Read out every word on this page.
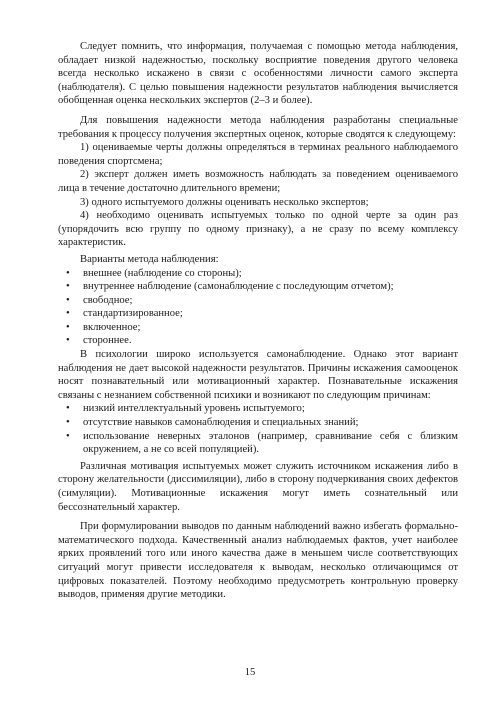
Следует помнить, что информация, получаемая с помощью метода наблюдения, обладает низкой надежностью, поскольку восприятие поведения другого человека всегда несколько искажено в связи с особенностями личности самого эксперта (наблюдателя). С целью повышения надежности результатов наблюдения вычисляется обобщенная оценка нескольких экспертов (2–3 и более).

Для повышения надежности метода наблюдения разработаны специальные требования к процессу получения экспертных оценок, которые сводятся к следующему:

1) оцениваемые черты должны определяться в терминах реального наблюдаемого поведения спортсмена;

2) эксперт должен иметь возможность наблюдать за поведением оцениваемого лица в течение достаточно длительного времени;

3) одного испытуемого должны оценивать несколько экспертов;

4) необходимо оценивать испытуемых только по одной черте за один раз (упорядочить всю группу по одному признаку), а не сразу по всему комплексу характеристик.

Варианты метода наблюдения:

• внешнее (наблюдение со стороны);
• внутреннее наблюдение (самонаблюдение с последующим отчетом);
• свободное;
• стандартизированное;
• включенное;
• стороннее.

В психологии широко используется самонаблюдение. Однако этот вариант наблюдения не дает высокой надежности результатов. Причины искажения самооценок носят познавательный или мотивационный характер. Познавательные искажения связаны с незнанием собственной психики и возникают по следующим причинам:

• низкий интеллектуальный уровень испытуемого;
• отсутствие навыков самонаблюдения и специальных знаний;
• использование неверных эталонов (например, сравнивание себя с близким окружением, а не со всей популяцией).

Различная мотивация испытуемых может служить источником искажения либо в сторону желательности (диссимиляции), либо в сторону подчеркивания своих дефектов (симуляции). Мотивационные искажения могут иметь сознательный или бессознательный характер.

При формулировании выводов по данным наблюдений важно избегать формально-математического подхода. Качественный анализ наблюдаемых фактов, учет наиболее ярких проявлений того или иного качества даже в меньшем числе соответствующих ситуаций могут привести исследователя к выводам, несколько отличающимся от цифровых показателей. Поэтому необходимо предусмотреть контрольную проверку выводов, применяя другие методики.

15
